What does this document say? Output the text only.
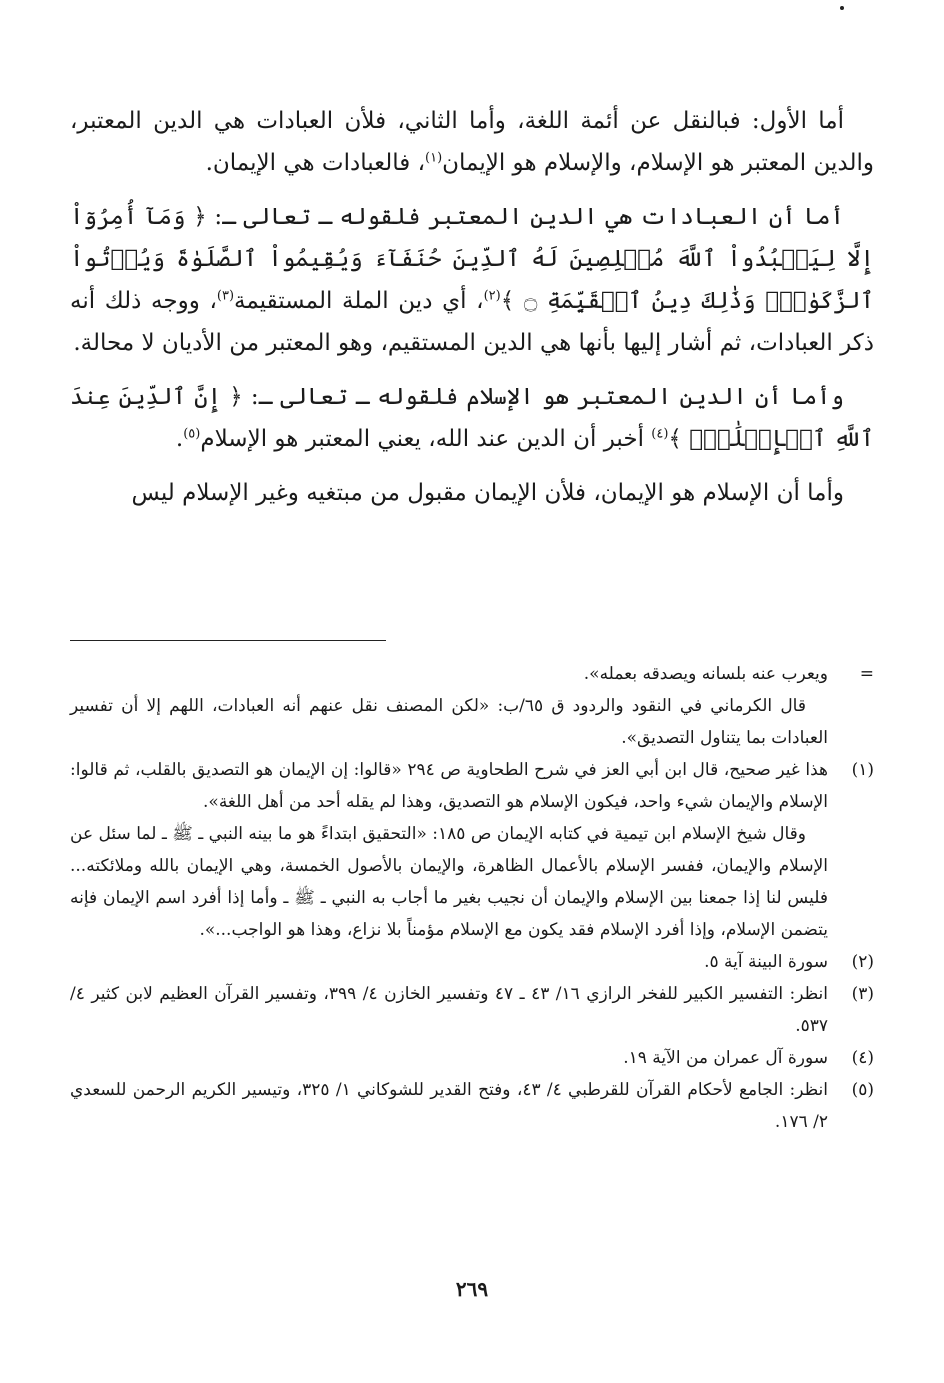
أما الأول: فبالنقل عن أئمة اللغة، وأما الثاني، فلأن العبادات هي الدين المعتبر، والدين المعتبر هو الإسلام، والإسلام هو الإيمان$^{(١)}$، فالعبادات هي الإيمان.

أما أن العبادات هي الدين المعتبر فلقوله ـ تعالى ـ: ﴿ وَمَآ أُمِرُوٓاْ إِلَّا لِيَعۡبُدُواْ ٱللَّهَ مُخۡلِصِينَ لَهُ ٱلدِّينَ حُنَفَآءَ وَيُقِيمُواْ ٱلصَّلَوٰةَ وَيُؤۡتُواْ ٱلزَّكَوٰةَۚ وَذَٰلِكَ دِينُ ٱلۡقَيِّمَةِ ۝ ﴾$^{(٢)}$، أي دين الملة المستقيمة$^{(٣)}$، ووجه ذلك أنه ذكر العبادات، ثم أشار إليها بأنها هي الدين المستقيم، وهو المعتبر من الأديان لا محالة.

وأما أن الدين المعتبر هو الإسلام فلقوله ـ تعالى ـ: ﴿ إِنَّ ٱلدِّينَ عِندَ ٱللَّهِ ٱلۡإِسۡلَٰمُۗ ﴾$^{(٤)}$ أخبر أن الدين عند الله، يعني المعتبر هو الإسلام$^{(٥)}$.

وأما أن الإسلام هو الإيمان، فلأن الإيمان مقبول من مبتغيه وغير الإسلام ليس

=
ويعرب عنه بلسانه ويصدقه بعمله».

قال الكرماني في النقود والردود ق ٦٥/ب: «لكن المصنف نقل عنهم أنه العبادات، اللهم إلا أن تفسير العبادات بما يتناول التصديق».

(١)
هذا غير صحيح، قال ابن أبي العز في شرح الطحاوية ص ٢٩٤ «قالوا: إن الإيمان هو التصديق بالقلب، ثم قالوا: الإسلام والإيمان شيء واحد، فيكون الإسلام هو التصديق، وهذا لم يقله أحد من أهل اللغة».

وقال شيخ الإسلام ابن تيمية في كتابه الإيمان ص ١٨٥: «التحقيق ابتداءً هو ما بينه النبي ـ ﷺ ـ لما سئل عن الإسلام والإيمان، ففسر الإسلام بالأعمال الظاهرة، والإيمان بالأصول الخمسة، وهي الإيمان بالله وملائكته... فليس لنا إذا جمعنا بين الإسلام والإيمان أن نجيب بغير ما أجاب به النبي ـ ﷺ ـ وأما إذا أفرد اسم الإيمان فإنه يتضمن الإسلام، وإذا أفرد الإسلام فقد يكون مع الإسلام مؤمناً بلا نزاع، وهذا هو الواجب...».

(٢)
سورة البينة آية ٥.

(٣)
انظر: التفسير الكبير للفخر الرازي ١٦/ ٤٣ ـ ٤٧ وتفسير الخازن ٤/ ٣٩٩، وتفسير القرآن العظيم لابن كثير ٤/ ٥٣٧.

(٤)
سورة آل عمران من الآية ١٩.

(٥)
انظر: الجامع لأحكام القرآن للقرطبي ٤/ ٤٣، وفتح القدير للشوكاني ١/ ٣٢٥، وتيسير الكريم الرحمن للسعدي ٢/ ١٧٦.

٢٦٩
